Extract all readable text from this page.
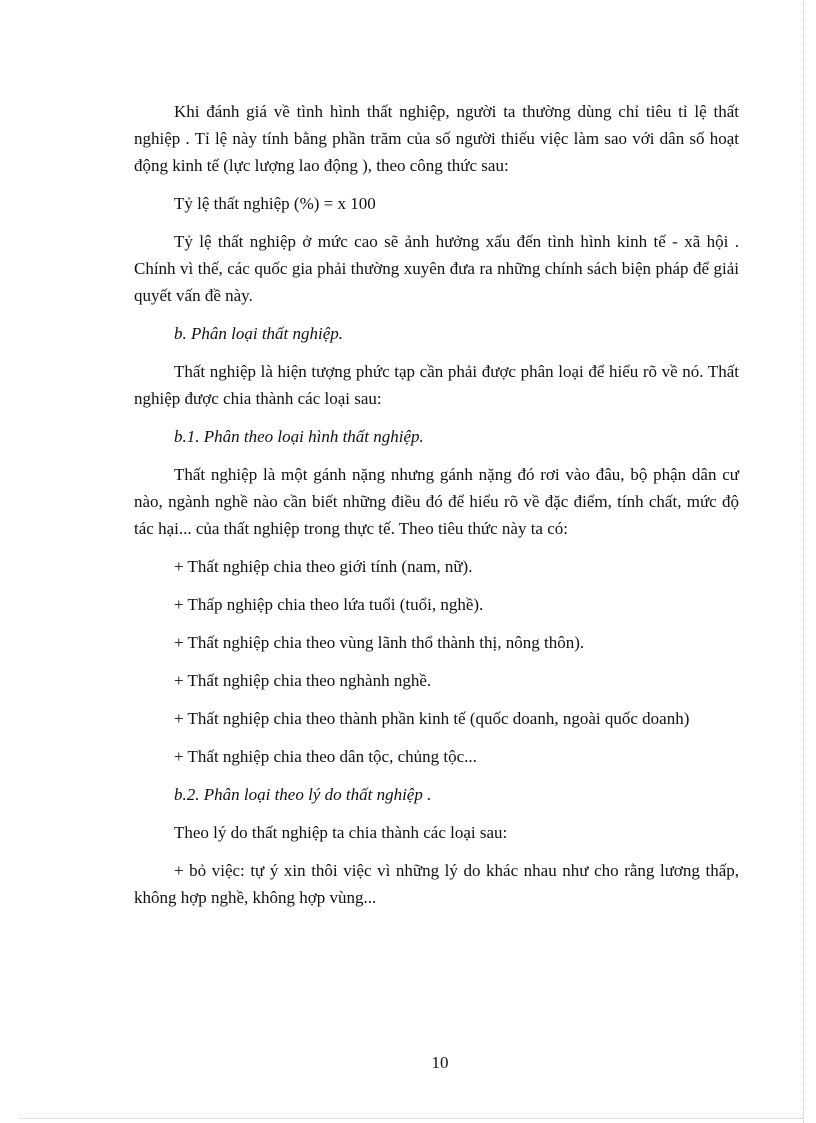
Khi đánh giá về tình hình thất nghiệp, người ta thường dùng chỉ tiêu tỉ lệ thất nghiệp . Tỉ lệ này tính bằng phần trăm của số người thiếu việc làm sao với dân số hoạt động kinh tế (lực lượng lao động ), theo công thức sau:

Tỷ lệ thất nghiệp (%) = x 100

Tỷ lệ thất nghiệp ở mức cao sẽ ảnh hưởng xấu đến tình hình kinh tế - xã hội . Chính vì thế, các quốc gia phải thường xuyên đưa ra những chính sách biện pháp để giải quyết vấn đề này.

b. Phân loại thất nghiệp.

Thất nghiệp là hiện tượng phức tạp cần phải được phân loại để hiểu rõ về nó. Thất nghiệp được chia thành các loại sau:

b.1. Phân theo loại hình thất nghiệp.

Thất nghiệp là một gánh nặng nhưng gánh nặng đó rơi vào đâu, bộ phận dân cư nào, ngành nghề nào cần biết những điều đó để hiểu rõ về đặc điểm, tính chất, mức độ tác hại... của thất nghiệp trong thực tế. Theo tiêu thức này ta có:

+ Thất nghiệp chia theo giới tính (nam, nữ).

+ Thấp nghiệp chia theo lứa tuổi (tuổi, nghề).

+ Thất nghiệp chia theo vùng lãnh thổ thành thị, nông thôn).

+ Thất nghiệp chia theo nghành nghề.

+ Thất nghiệp chia theo thành phần kinh tế (quốc doanh, ngoài quốc doanh)

+ Thất nghiệp chia theo dân tộc, chủng tộc...

b.2. Phân loại theo lý do thất nghiệp .

Theo lý do thất nghiệp ta chia thành các loại sau:

+ bỏ việc: tự ý xin thôi việc vì những lý do khác nhau như cho rằng lương thấp, không hợp nghề, không hợp vùng...

10
